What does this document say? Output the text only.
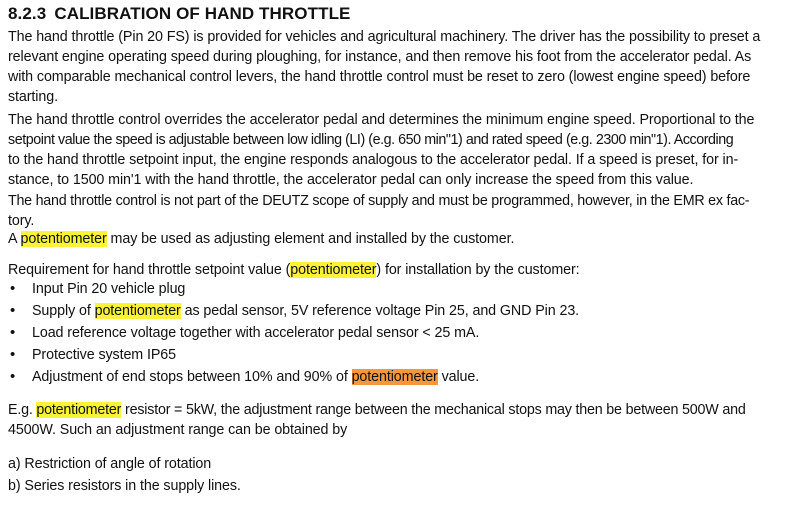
8.2.3 CALIBRATION OF HAND THROTTLE
The hand throttle (Pin 20 FS) is provided for vehicles and agricultural machinery. The driver has the possibility to preset a
relevant engine operating speed during ploughing, for instance, and then remove his foot from the accelerator pedal. As
with comparable mechanical control levers, the hand throttle control must be reset to zero (lowest engine speed) before
starting.
The hand throttle control overrides the accelerator pedal and determines the minimum engine speed. Proportional to the
setpoint value the speed is adjustable between low idling (LI) (e.g. 650 min"1) and rated speed (e.g. 2300 min"1). According
to the hand throttle setpoint input, the engine responds analogous to the accelerator pedal. If a speed is preset, for in-
stance, to 1500 min'1 with the hand throttle, the accelerator pedal can only increase the speed from this value.
The hand throttle control is not part of the DEUTZ scope of supply and must be programmed, however, in the EMR ex fac-
tory.
A potentiometer may be used as adjusting element and installed by the customer.
Requirement for hand throttle setpoint value (potentiometer) for installation by the customer:
• Input Pin 20 vehicle plug
• Supply of potentiometer as pedal sensor, 5V reference voltage Pin 25, and GND Pin 23.
• Load reference voltage together with accelerator pedal sensor < 25 mA.
• Protective system IP65
• Adjustment of end stops between 10% and 90% of potentiometer value.
E.g. potentiometer resistor = 5kW, the adjustment range between the mechanical stops may then be between 500W and
4500W. Such an adjustment range can be obtained by
a) Restriction of angle of rotation
b) Series resistors in the supply lines.
